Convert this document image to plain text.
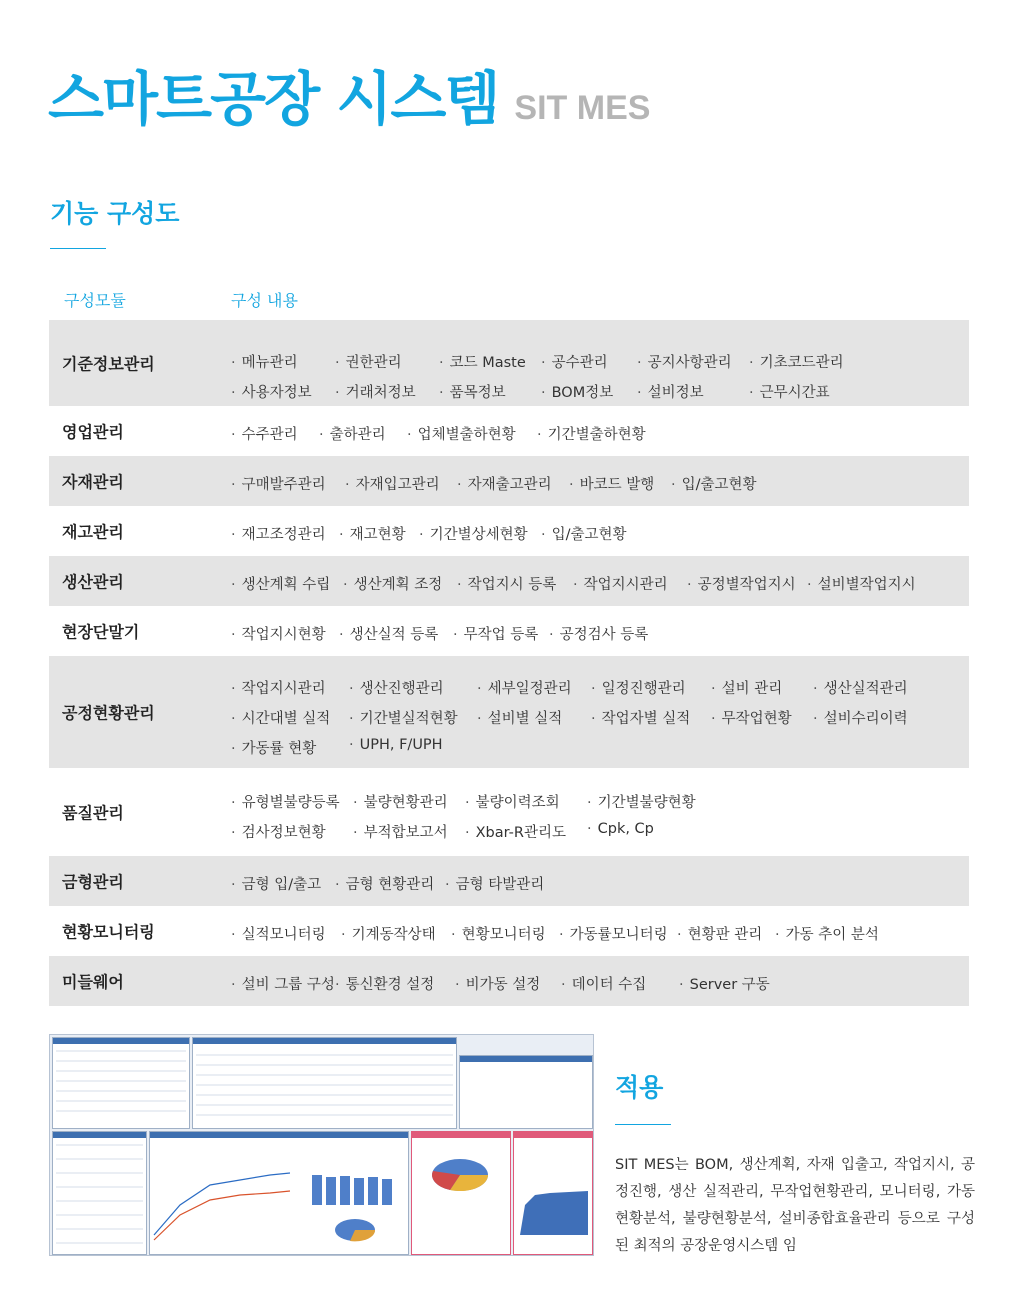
스마트공장 시스템 SIT MES
기능 구성도
구성모듈	구성 내용
기준정보관리	· 메뉴관리	· 권한관리	· 코드 Maste	· 공수관리	· 공지사항관리	· 기초코드관리
· 사용자정보	· 거래처정보	· 품목정보	· BOM정보	· 설비정보	· 근무시간표
영업관리	· 수주관리	· 출하관리	· 업체별출하현황	· 기간별출하현황
자재관리	· 구매발주관리	· 자재입고관리	· 자재출고관리	· 바코드 발행	· 입/출고현황
재고관리	· 재고조정관리	· 재고현황	· 기간별상세현황	· 입/출고현황
생산관리	· 생산계획 수립	· 생산계획 조정	· 작업지시 등록	· 작업지시관리	· 공정별작업지시	· 설비별작업지시
현장단말기	· 작업지시현황	· 생산실적 등록	· 무작업 등록	· 공정검사 등록
공정현황관리
· 작업지시관리	· 생산진행관리	· 세부일정관리	· 일정진행관리	· 설비 관리	· 생산실적관리
· 시간대별 실적	· 기간별실적현황	· 설비별 실적	· 작업자별 실적	· 무작업현황	· 설비수리이력
· 가동률 현황	· UPH, F/UPH
품질관리
· 유형별불량등록	· 불량현황관리	· 불량이력조회	· 기간별불량현황
· 검사정보현황	· 부적합보고서	· Xbar-R관리도	· Cpk, Cp
금형관리	· 금형 입/출고	· 금형 현황관리	· 금형 타발관리
현황모니터링	· 실적모니터링	· 기계동작상태	· 현황모니터링	· 가동률모니터링	· 현황판 관리	· 가동 추이 분석
미들웨어	· 설비 그룹 구성 · 통신환경 설정	· 비가동 설정	· 데이터 수집	· Server 구동
적용
SIT MES는 BOM, 생산계획, 자재 입출고, 작업지시, 공정진행, 생산 실적관리, 무작업현황관리, 모니터링, 가동현황분석, 불량현황분석, 설비종합효율관리 등으로 구성된 최적의 공장운영시스템 임
